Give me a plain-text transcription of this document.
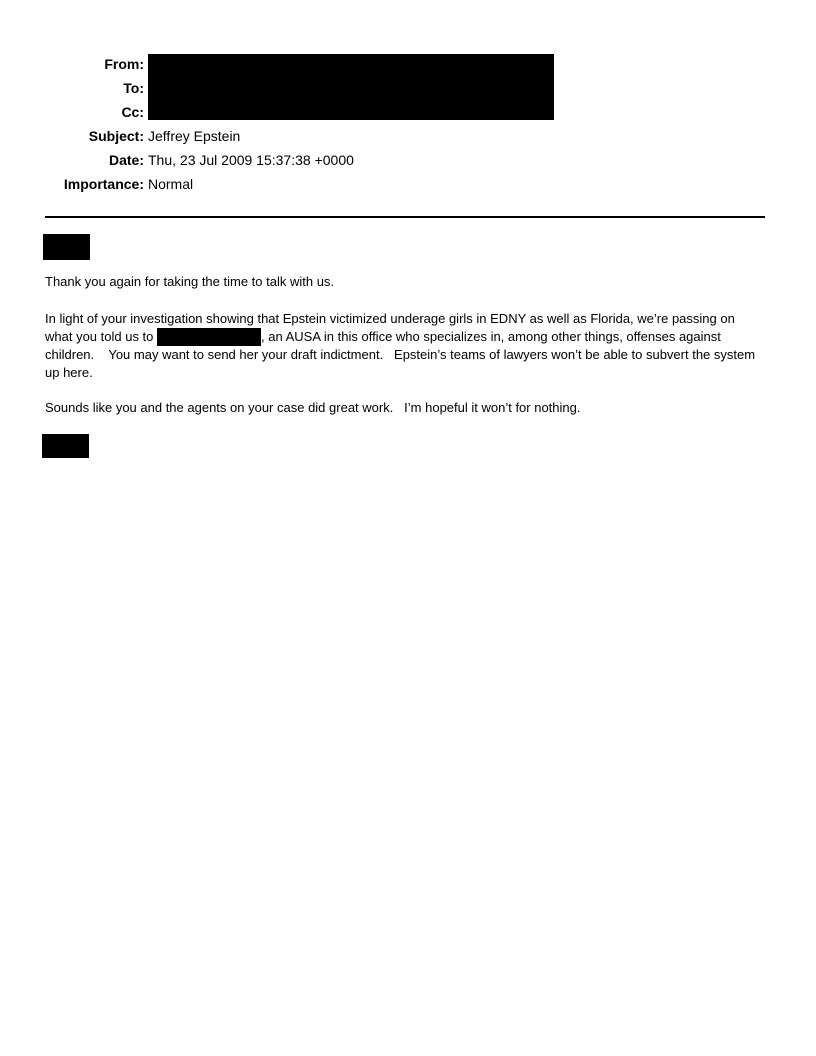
From:
To:
Cc:
Subject: Jeffrey Epstein
Date: Thu, 23 Jul 2009 15:37:38 +0000
Importance: Normal
Thank you again for taking the time to talk with us.
In light of your investigation showing that Epstein victimized underage girls in EDNY as well as Florida, we’re passing on what you told us to	, an AUSA in this office who specializes in, among other things, offenses against children.    You may want to send her your draft indictment.   Epstein’s teams of lawyers won’t be able to subvert the system up here.
Sounds like you and the agents on your case did great work.   I’m hopeful it won’t for nothing.
